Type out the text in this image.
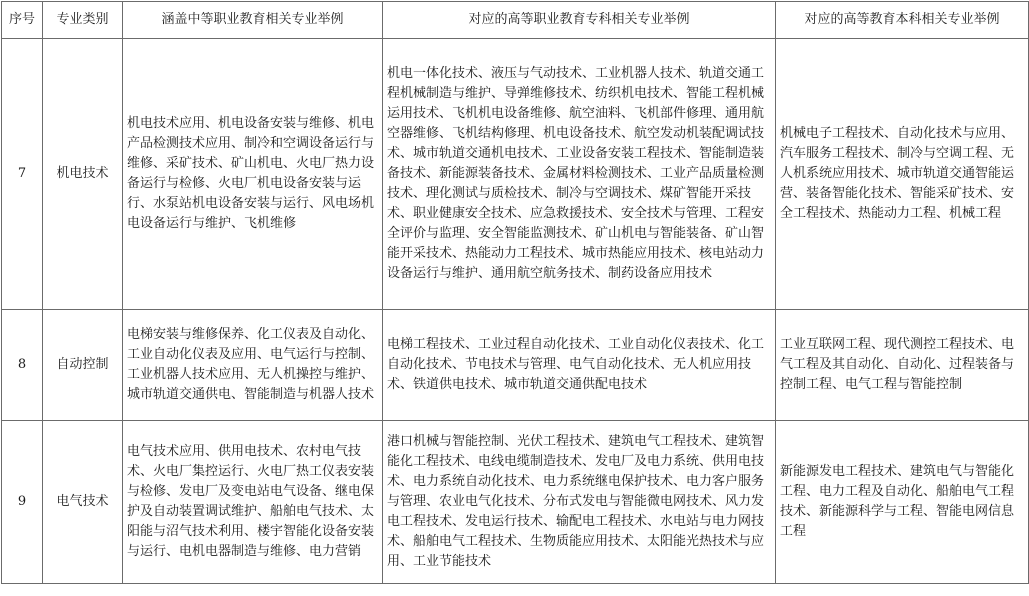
序号	专业类别	涵盖中等职业教育相关专业举例	对应的高等职业教育专科相关专业举例	对应的高等教育本科相关专业举例
7	机电技术	机电技术应用、机电设备安装与维修、机电产品检测技术应用、制冷和空调设备运行与维修、采矿技术、矿山机电、火电厂热力设备运行与检修、火电厂机电设备安装与运行、水泵站机电设备安装与运行、风电场机电设备运行与维护、飞机维修	机电一体化技术、液压与气动技术、工业机器人技术、轨道交通工程机械制造与维护、导弹维修技术、纺织机电技术、智能工程机械运用技术、飞机机电设备维修、航空油料、飞机部件修理、通用航空器维修、飞机结构修理、机电设备技术、航空发动机装配调试技术、城市轨道交通机电技术、工业设备安装工程技术、智能制造装备技术、新能源装备技术、金属材料检测技术、工业产品质量检测技术、理化测试与质检技术、制冷与空调技术、煤矿智能开采技术、职业健康安全技术、应急救援技术、安全技术与管理、工程安全评价与监理、安全智能监测技术、矿山机电与智能装备、矿山智能开采技术、热能动力工程技术、城市热能应用技术、核电站动力设备运行与维护、通用航空航务技术、制药设备应用技术	机械电子工程技术、自动化技术与应用、汽车服务工程技术、制冷与空调工程、无人机系统应用技术、城市轨道交通智能运营、装备智能化技术、智能采矿技术、安全工程技术、热能动力工程、机械工程
8	自动控制	电梯安装与维修保养、化工仪表及自动化、工业自动化仪表及应用、电气运行与控制、工业机器人技术应用、无人机操控与维护、城市轨道交通供电、智能制造与机器人技术	电梯工程技术、工业过程自动化技术、工业自动化仪表技术、化工自动化技术、节电技术与管理、电气自动化技术、无人机应用技术、铁道供电技术、城市轨道交通供配电技术	工业互联网工程、现代测控工程技术、电气工程及其自动化、自动化、过程装备与控制工程、电气工程与智能控制
9	电气技术	电气技术应用、供用电技术、农村电气技术、火电厂集控运行、火电厂热工仪表安装与检修、发电厂及变电站电气设备、继电保护及自动装置调试维护、船舶电气技术、太阳能与沼气技术利用、楼宇智能化设备安装与运行、电机电器制造与维修、电力营销	港口机械与智能控制、光伏工程技术、建筑电气工程技术、建筑智能化工程技术、电线电缆制造技术、发电厂及电力系统、供用电技术、电力系统自动化技术、电力系统继电保护技术、电力客户服务与管理、农业电气化技术、分布式发电与智能微电网技术、风力发电工程技术、发电运行技术、输配电工程技术、水电站与电力网技术、船舶电气工程技术、生物质能应用技术、太阳能光热技术与应用、工业节能技术	新能源发电工程技术、建筑电气与智能化工程、电力工程及自动化、船舶电气工程技术、新能源科学与工程、智能电网信息工程
